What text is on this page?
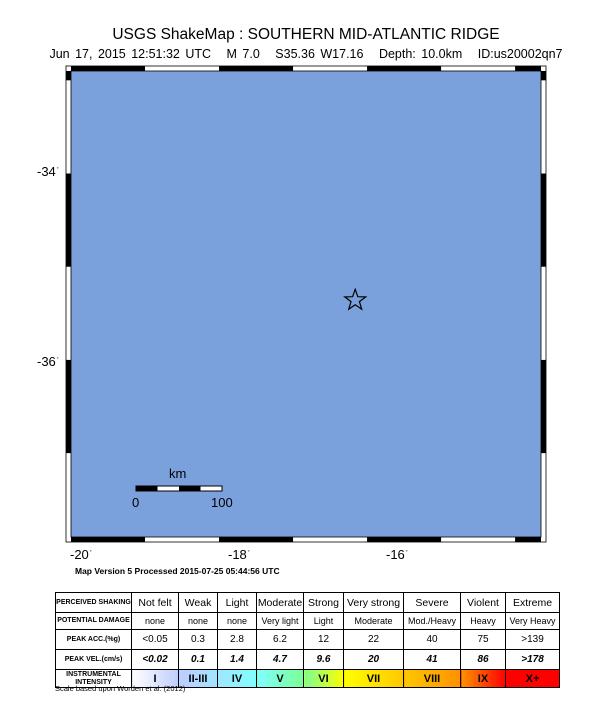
USGS ShakeMap : SOUTHERN MID-ATLANTIC RIDGE
Jun 17, 2015 12:51:32 UTC M 7.0 S35.36 W17.16 Depth: 10.0km ID:us20002qn7
-34˚
-36˚
-20˚	-18˚	-16˚
km
0	100
Map Version 5 Processed 2015-07-25 05:44:56 UTC
PERCEIVED SHAKING	Not felt	Weak	Light	Moderate	Strong	Very strong	Severe	Violent	Extreme
POTENTIAL DAMAGE	none	none	none	Very light	Light	Moderate	Mod./Heavy	Heavy	Very Heavy
PEAK ACC.(%g)	<0.05	0.3	2.8	6.2	12	22	40	75	>139
PEAK VEL.(cm/s)	<0.02	0.1	1.4	4.7	9.6	20	41	86	>178
INSTRUMENTAL INTENSITY	I	II-III	IV	V	VI	VII	VIII	IX	X+
Scale based upon Worden et al. (2012)
